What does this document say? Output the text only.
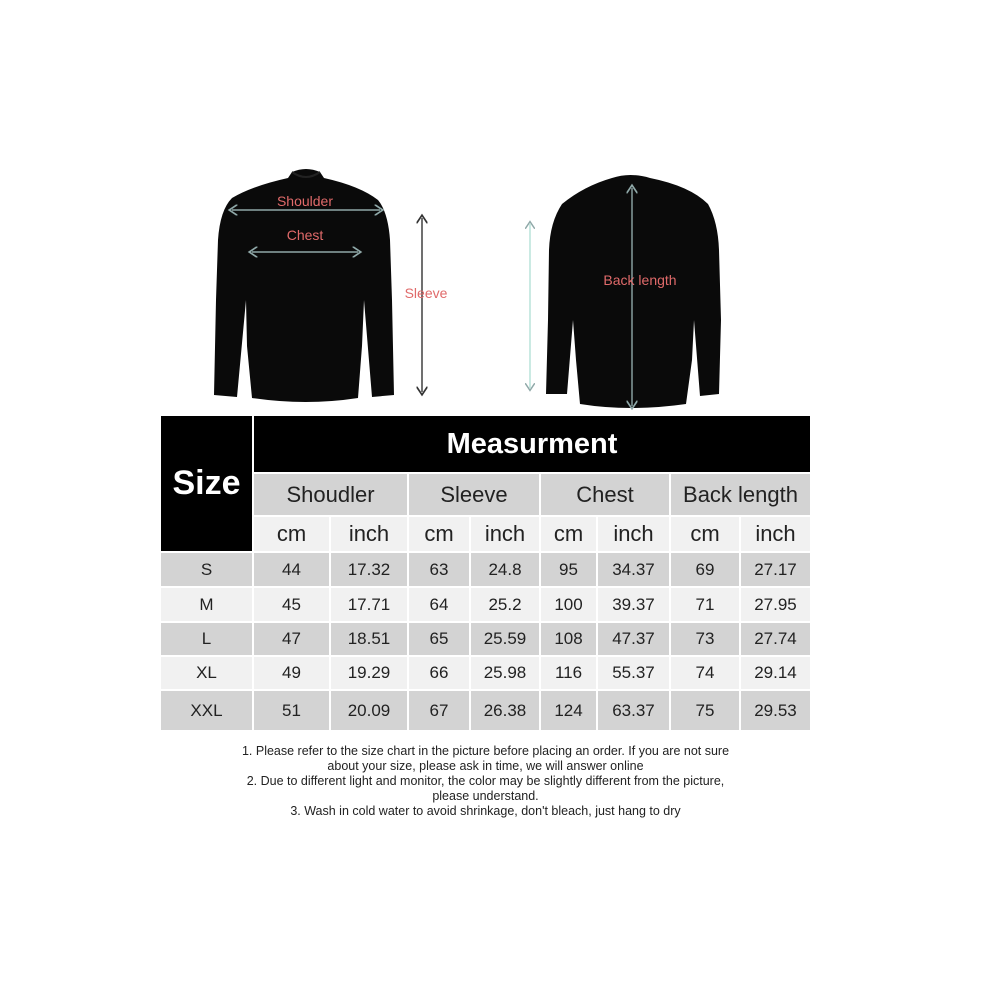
Shoulder
Chest
Sleeve
Back length
Size
Measurment
Shoudler	Sleeve	Chest	Back length
cm	inch	cm	inch	cm	inch	cm	inch
S	44	17.32	63	24.8	95	34.37	69	27.17
M	45	17.71	64	25.2	100	39.37	71	27.95
L	47	18.51	65	25.59	108	47.37	73	27.74
XL	49	19.29	66	25.98	116	55.37	74	29.14
XXL	51	20.09	67	26.38	124	63.37	75	29.53
1. Please refer to the size chart in the picture before placing an order. If you are not sure
about your size, please ask in time, we will answer online
2. Due to different light and monitor, the color may be slightly different from the picture,
please understand.
3. Wash in cold water to avoid shrinkage, don't bleach, just hang to dry
